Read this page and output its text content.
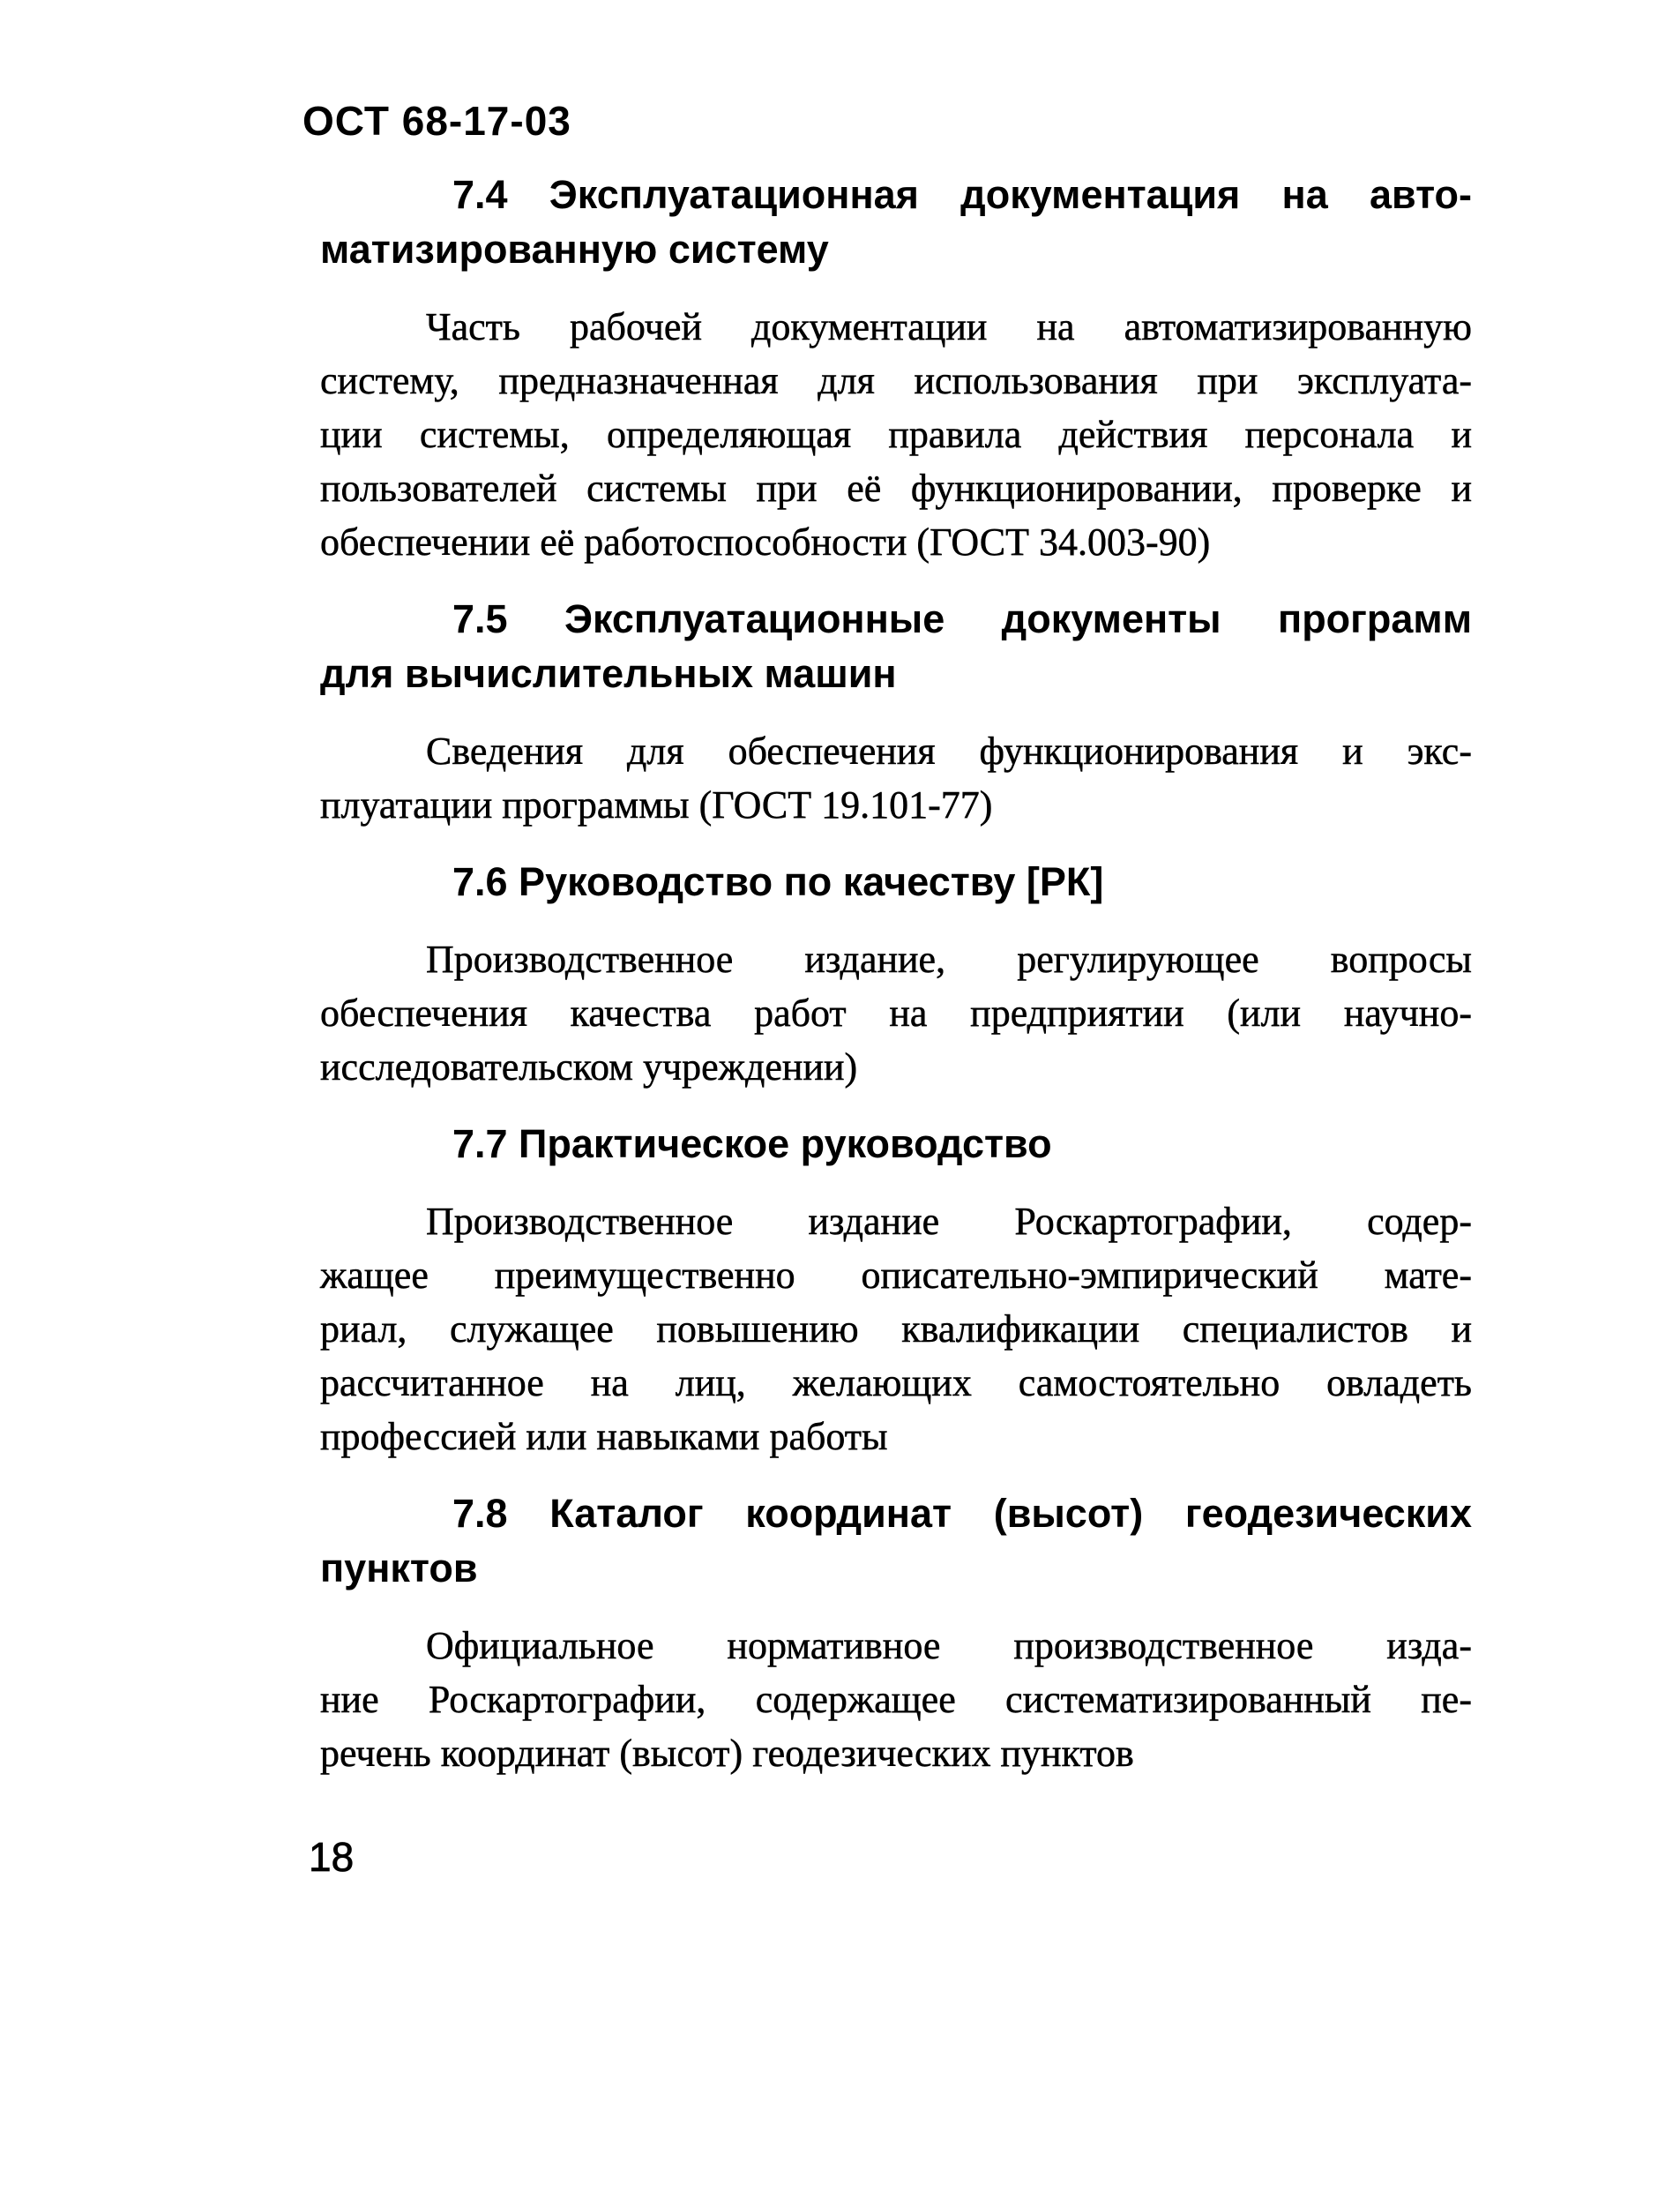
ОСТ 68-17-03
7.4 Эксплуатационная документация на авто-
матизированную систему
Часть рабочей документации на автоматизированную
систему, предназначенная для использования при эксплуата-
ции системы, определяющая правила действия персонала и
пользователей системы при её функционировании, проверке и
обеспечении её работоспособности (ГОСТ 34.003-90)
7.5 Эксплуатационные документы программ
для вычислительных машин
Сведения для обеспечения функционирования и экс-
плуатации программы (ГОСТ 19.101-77)
7.6 Руководство по качеству [РК]
Производственное издание, регулирующее вопросы
обеспечения качества работ на предприятии (или научно-
исследовательском учреждении)
7.7 Практическое руководство
Производственное издание Роскартографии, содер-
жащее преимущественно описательно-эмпирический мате-
риал, служащее повышению квалификации специалистов и
рассчитанное на лиц, желающих самостоятельно овладеть
профессией или навыками работы
7.8 Каталог координат (высот) геодезических
пунктов
Официальное нормативное производственное изда-
ние Роскартографии, содержащее систематизированный пе-
речень координат (высот) геодезических пунктов
18
